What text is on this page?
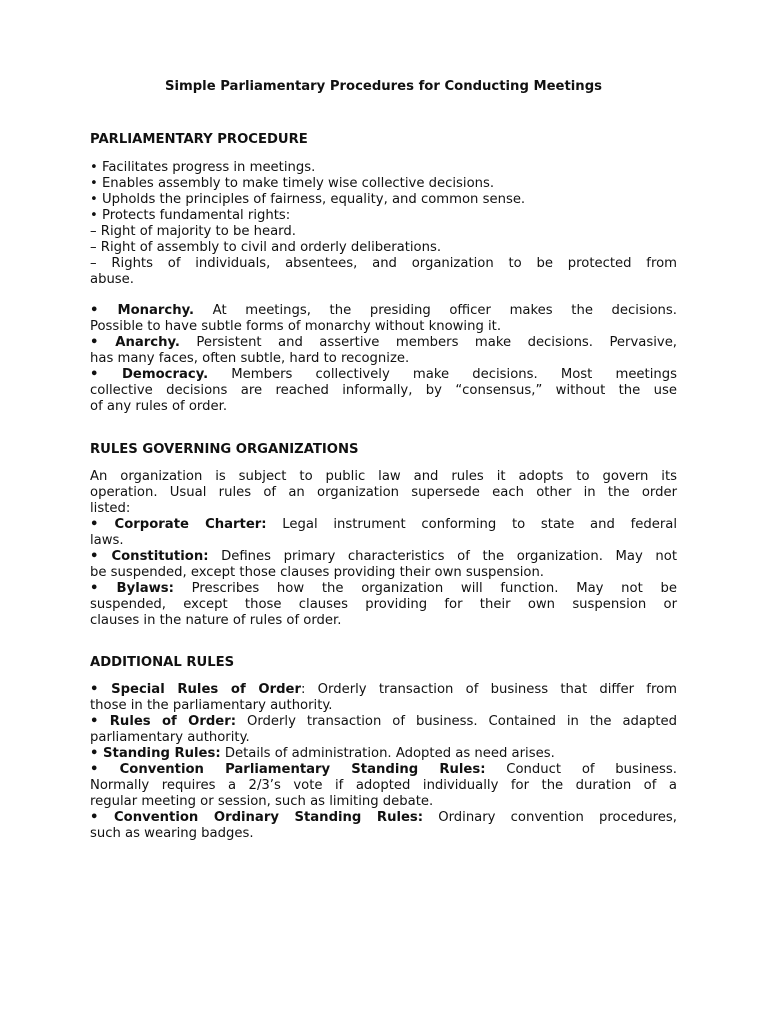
Simple Parliamentary Procedures for Conducting Meetings
PARLIAMENTARY PROCEDURE
• Facilitates progress in meetings.
• Enables assembly to make timely wise collective decisions.
• Upholds the principles of fairness, equality, and common sense.
• Protects fundamental rights:
– Right of majority to be heard.
– Right of assembly to civil and orderly deliberations.
– Rights of individuals, absentees, and organization to be protected from
abuse.
• Monarchy. At meetings, the presiding officer makes the decisions.
Possible to have subtle forms of monarchy without knowing it.
• Anarchy. Persistent and assertive members make decisions. Pervasive,
has many faces, often subtle, hard to recognize.
• Democracy. Members collectively make decisions. Most meetings
collective decisions are reached informally, by “consensus,” without the use
of any rules of order.
RULES GOVERNING ORGANIZATIONS
An organization is subject to public law and rules it adopts to govern its
operation. Usual rules of an organization supersede each other in the order
listed:
• Corporate Charter: Legal instrument conforming to state and federal
laws.
• Constitution: Defines primary characteristics of the organization. May not
be suspended, except those clauses providing their own suspension.
• Bylaws: Prescribes how the organization will function. May not be
suspended, except those clauses providing for their own suspension or
clauses in the nature of rules of order.
ADDITIONAL RULES
• Special Rules of Order: Orderly transaction of business that differ from
those in the parliamentary authority.
• Rules of Order: Orderly transaction of business. Contained in the adapted
parliamentary authority.
• Standing Rules: Details of administration. Adopted as need arises.
• Convention Parliamentary Standing Rules: Conduct of business.
Normally requires a 2/3’s vote if adopted individually for the duration of a
regular meeting or session, such as limiting debate.
• Convention Ordinary Standing Rules: Ordinary convention procedures,
such as wearing badges.
